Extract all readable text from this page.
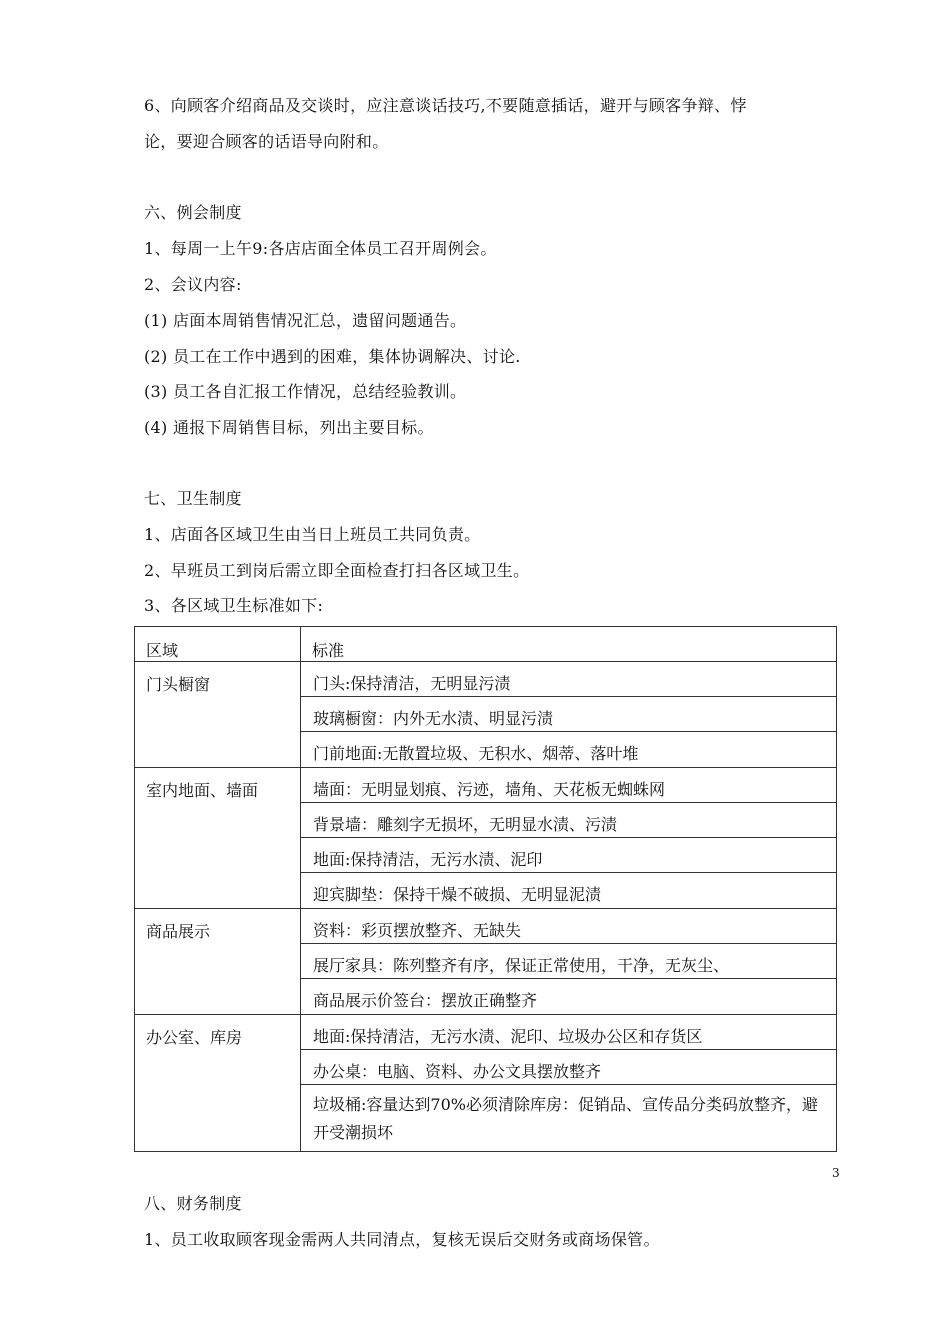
6、向顾客介绍商品及交谈时，应注意谈话技巧,不要随意插话，避开与顾客争辩、悖
论，要迎合顾客的话语导向附和。
六、例会制度
1、每周一上午9:各店店面全体员工召开周例会。
2、会议内容:
(1) 店面本周销售情况汇总，遗留问题通告。
(2) 员工在工作中遇到的困难，集体协调解决、讨论.
(3) 员工各自汇报工作情况，总结经验教训。
(4) 通报下周销售目标，列出主要目标。
七、卫生制度
1、店面各区域卫生由当日上班员工共同负责。
2、早班员工到岗后需立即全面检查打扫各区域卫生。
3、各区域卫生标准如下:
区域	标准

门头橱窗	门头:保持清洁，无明显污渍
玻璃橱窗：内外无水渍、明显污渍
门前地面:无散置垃圾、无积水、烟蒂、落叶堆

室内地面、墙面	墙面：无明显划痕、污迹，墙角、天花板无蜘蛛网
背景墙：雕刻字无损坏，无明显水渍、污渍
地面:保持清洁，无污水渍、泥印
迎宾脚垫：保持干燥不破损、无明显泥渍

商品展示	资料：彩页摆放整齐、无缺失
展厅家具：陈列整齐有序，保证正常使用，干净，无灰尘、
商品展示价签台：摆放正确整齐

办公室、库房	地面:保持清洁，无污水渍、泥印、垃圾办公区和存货区
办公桌：电脑、资料、办公文具摆放整齐
垃圾桶:容量达到70%必须清除库房：促销品、宣传品分类码放整齐，避开受潮损坏
3
八、财务制度
1、员工收取顾客现金需两人共同清点，复核无误后交财务或商场保管。
